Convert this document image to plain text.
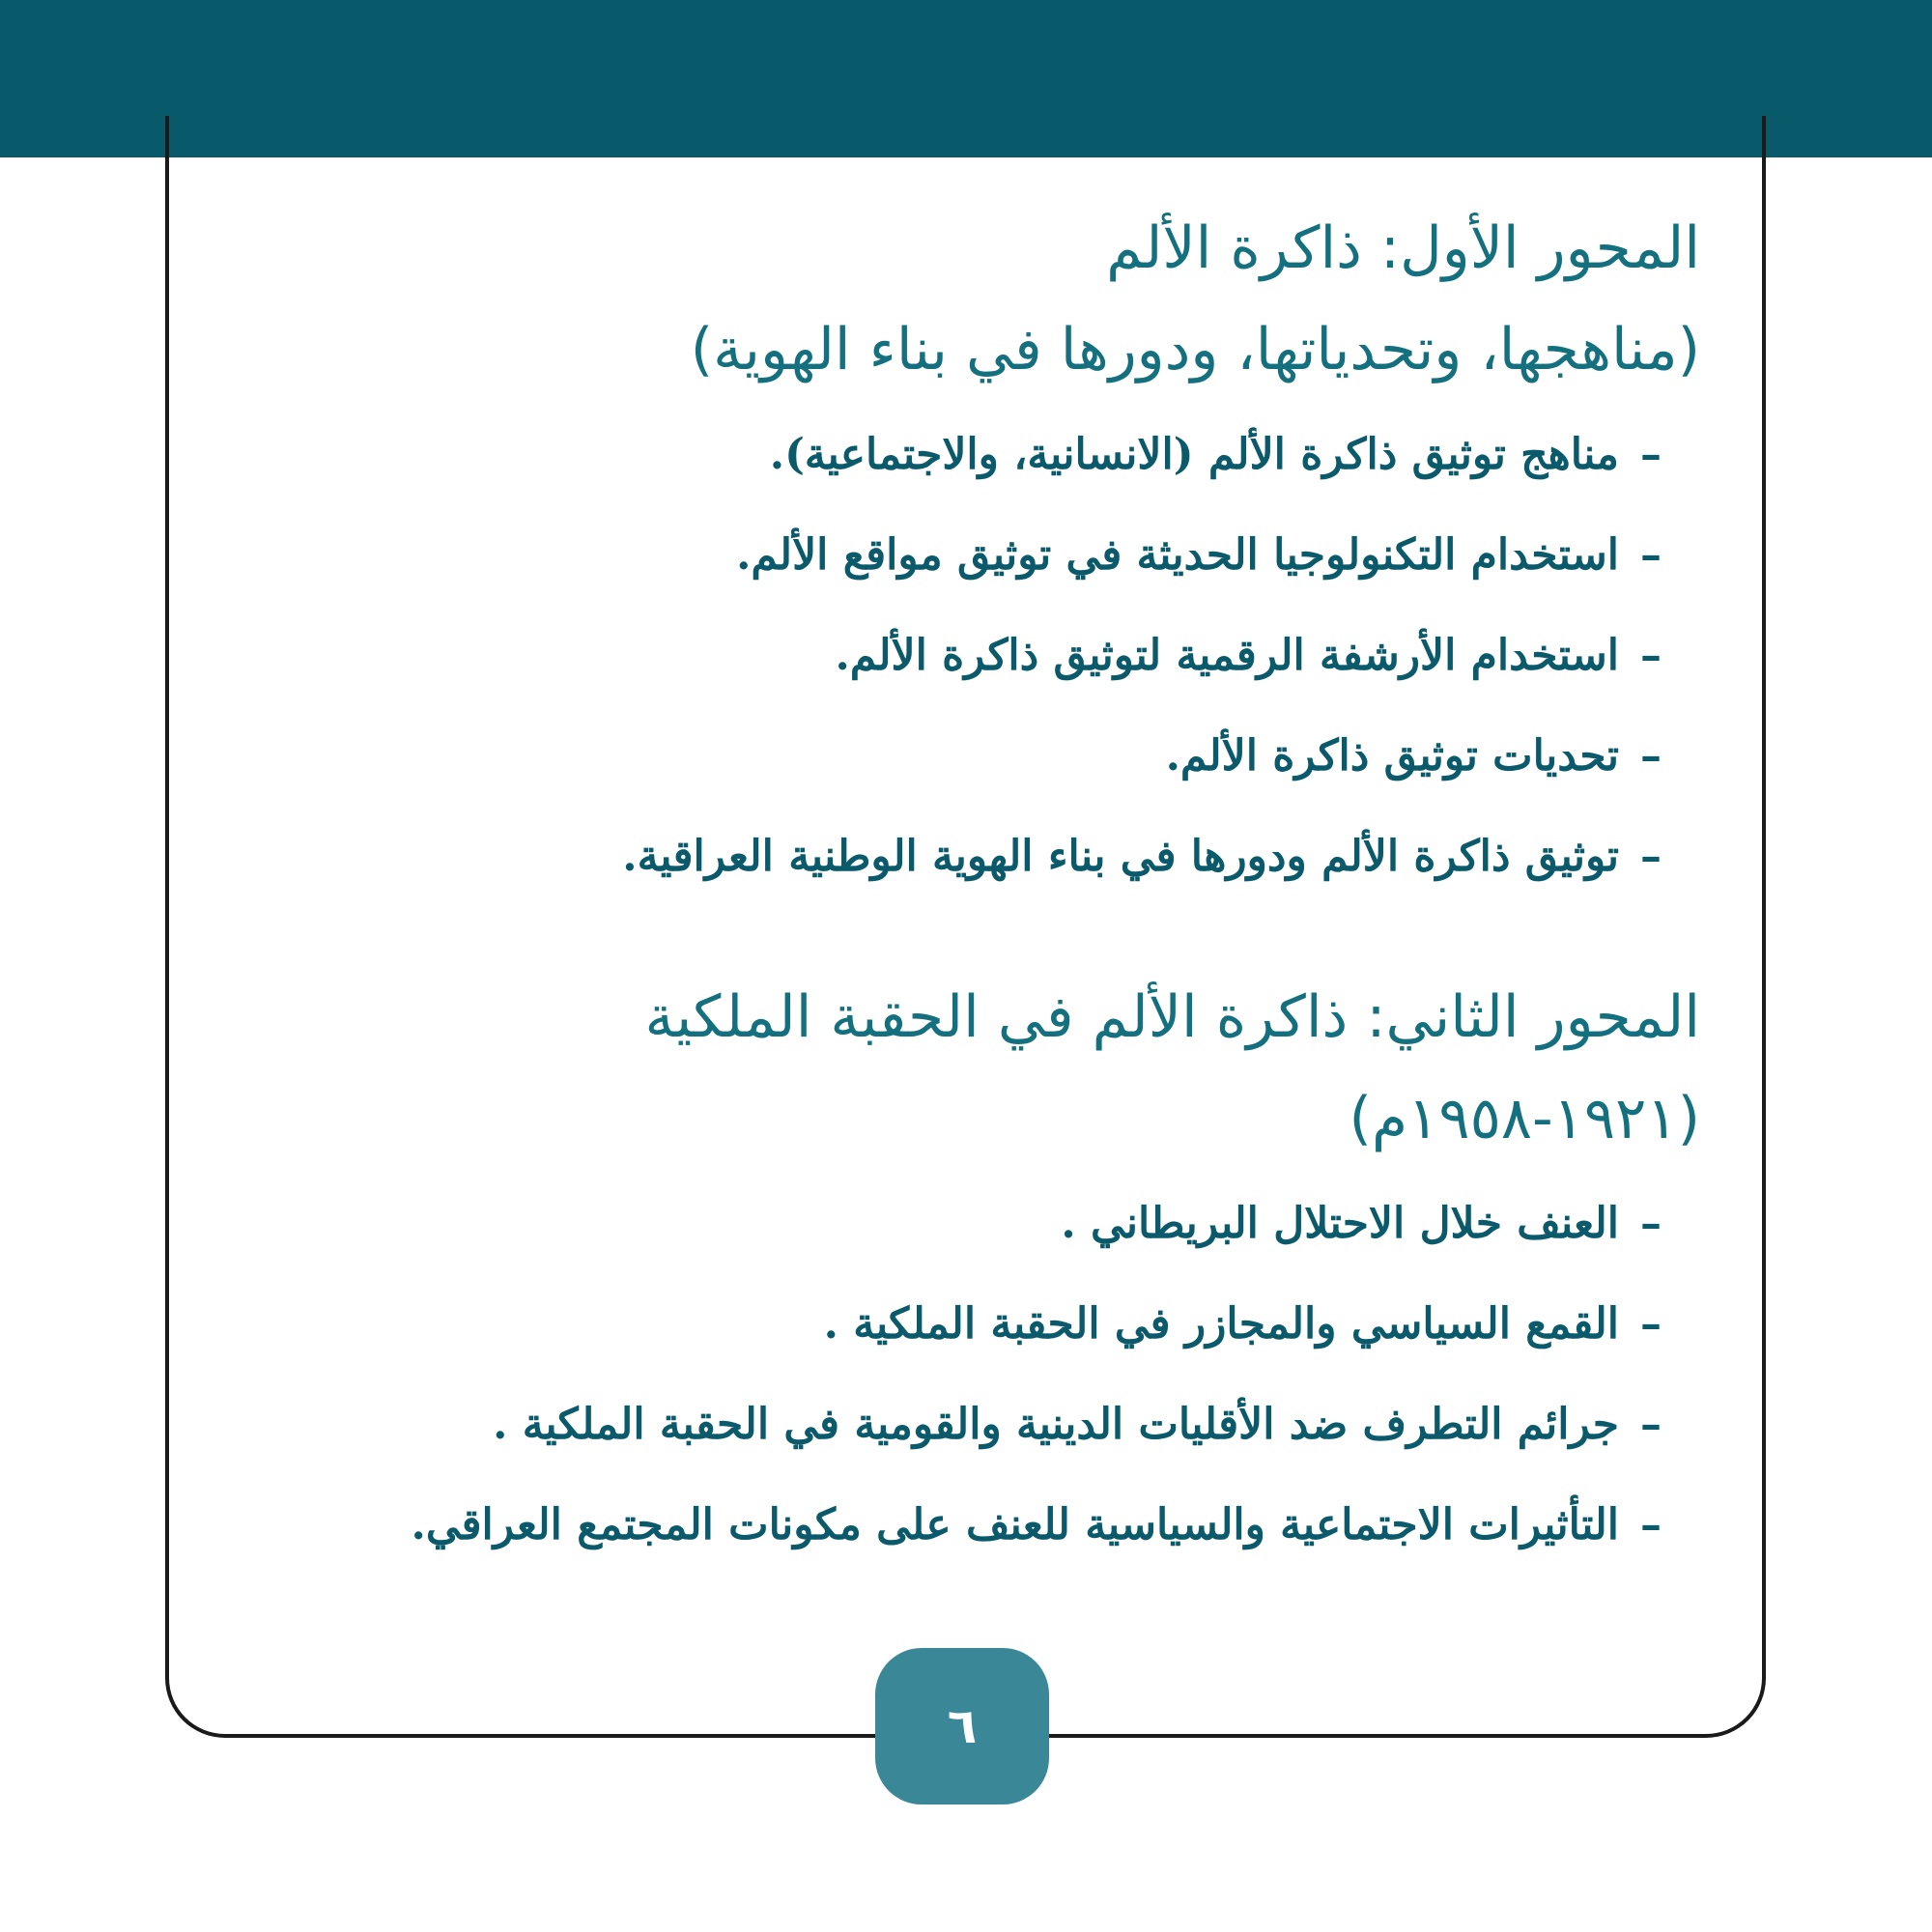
المحور الأول: ذاكرة الألم
(مناهجها، وتحدياتها، ودورها في بناء الهوية)
–مناهج توثيق ذاكرة الألم (الانسانية، والاجتماعية).
–استخدام التكنولوجيا الحديثة في توثيق مواقع الألم.
–استخدام الأرشفة الرقمية لتوثيق ذاكرة الألم.
–تحديات توثيق ذاكرة الألم.
–توثيق ذاكرة الألم ودورها في بناء الهوية الوطنية العراقية.
المحور الثاني: ذاكرة الألم في الحقبة الملكية
(١٩٢١-١٩٥٨م)
–العنف خلال الاحتلال البريطاني .
–القمع السياسي والمجازر في الحقبة الملكية .
–جرائم التطرف ضد الأقليات الدينية والقومية في الحقبة الملكية .
–التأثيرات الاجتماعية والسياسية للعنف على مكونات المجتمع العراقي.
٦
